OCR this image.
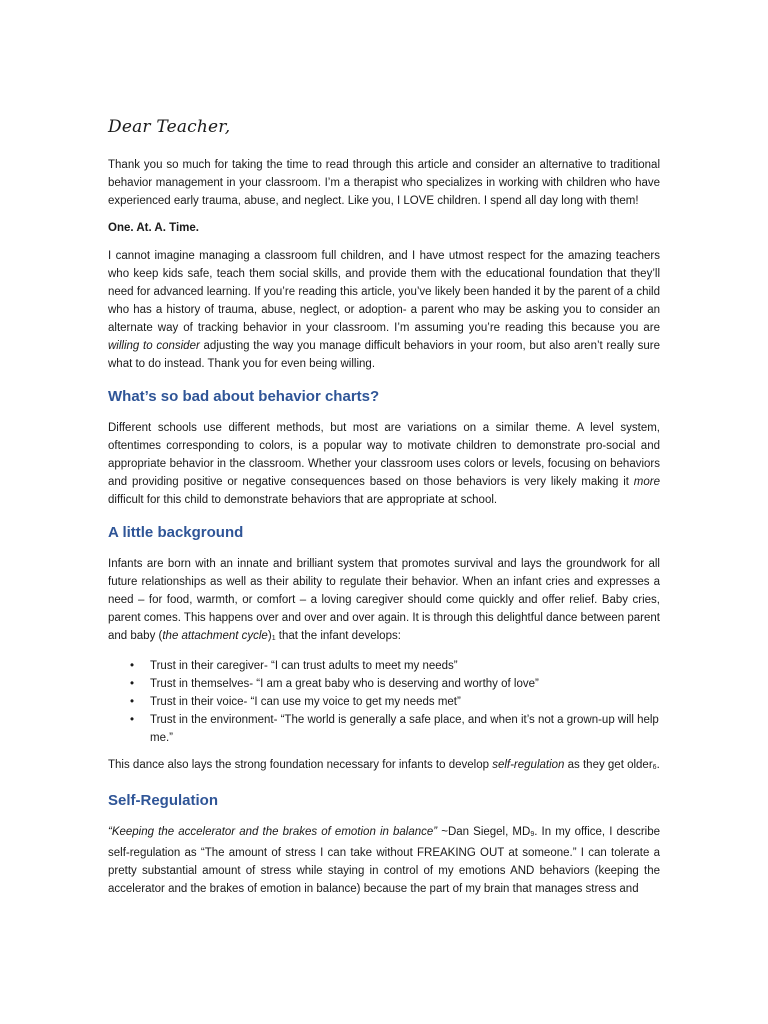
Dear Teacher,

Thank you so much for taking the time to read through this article and consider an alternative to traditional behavior management in your classroom. I’m a therapist who specializes in working with children who have experienced early trauma, abuse, and neglect. Like you, I LOVE children. I spend all day long with them!

One. At. A. Time.

I cannot imagine managing a classroom full children, and I have utmost respect for the amazing teachers who keep kids safe, teach them social skills, and provide them with the educational foundation that they’ll need for advanced learning. If you’re reading this article, you’ve likely been handed it by the parent of a child who has a history of trauma, abuse, neglect, or adoption- a parent who may be asking you to consider an alternate way of tracking behavior in your classroom. I’m assuming you’re reading this because you are willing to consider adjusting the way you manage difficult behaviors in your room, but also aren’t really sure what to do instead. Thank you for even being willing.

What’s so bad about behavior charts?

Different schools use different methods, but most are variations on a similar theme. A level system, oftentimes corresponding to colors, is a popular way to motivate children to demonstrate pro-social and appropriate behavior in the classroom. Whether your classroom uses colors or levels, focusing on behaviors and providing positive or negative consequences based on those behaviors is very likely making it more difficult for this child to demonstrate behaviors that are appropriate at school.

A little background

Infants are born with an innate and brilliant system that promotes survival and lays the groundwork for all future relationships as well as their ability to regulate their behavior. When an infant cries and expresses a need – for food, warmth, or comfort – a loving caregiver should come quickly and offer relief. Baby cries, parent comes. This happens over and over and over again. It is through this delightful dance between parent and baby (the attachment $cycle)_1$ that the infant develops:

• Trust in their caregiver- “I can trust adults to meet my needs”
• Trust in themselves- “I am a great baby who is deserving and worthy of love”
• Trust in their voice- “I can use my voice to get my needs met”
• Trust in the environment- “The world is generally a safe place, and when it’s not a grown-up will help me.”

This dance also lays the strong foundation necessary for infants to develop self-regulation as they get older$_6$.

Self-Regulation

“Keeping the accelerator and the brakes of emotion in balance” ~Dan Siegel, $MD_9$. In my office, I describe self-regulation as “The amount of stress I can take without FREAKING OUT at someone.” I can tolerate a pretty substantial amount of stress while staying in control of my emotions AND behaviors (keeping the accelerator and the brakes of emotion in balance) because the part of my brain that manages stress and
